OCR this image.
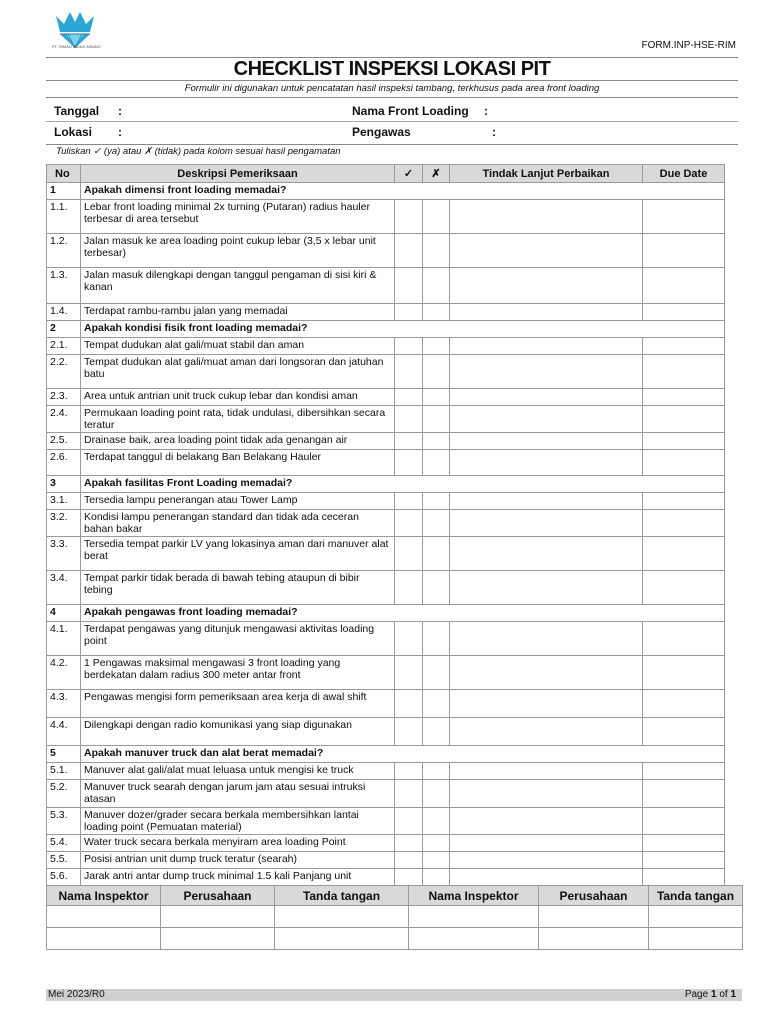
PT. RIMAU INDAH MINING	FORM.INP-HSE-RIM
CHECKLIST INSPEKSI LOKASI PIT
Formulir ini digunakan untuk pencatatan hasil inspeksi tambang, terkhusus pada area front loading
Tanggal :	Nama Front Loading :
Lokasi :	Pengawas	:
Tuliskan ✓ (ya) atau ✗ (tidak) pada kolom sesuai hasil pengamatan
No	Deskripsi Pemeriksaan	✓	✗	Tindak Lanjut Perbaikan	Due Date
1	Apakah dimensi front loading memadai?				
1.1.	Lebar front loading minimal 2x turning (Putaran) radius hauler terbesar di area tersebut				
1.2.	Jalan masuk ke area loading point cukup lebar (3,5 x lebar unit terbesar)				
1.3.	Jalan masuk dilengkapi dengan tanggul pengaman di sisi kiri & kanan				
1.4.	Terdapat rambu-rambu jalan yang memadai				
2	Apakah kondisi fisik front loading memadai?				
2.1.	Tempat dudukan alat gali/muat stabil dan aman				
2.2.	Tempat dudukan alat gali/muat aman dari longsoran dan jatuhan batu				
2.3.	Area untuk antrian unit truck cukup lebar dan kondisi aman				
2.4.	Permukaan loading point rata, tidak undulasi, dibersihkan secara teratur				
2.5.	Drainase baik, area loading point tidak ada genangan air				
2.6.	Terdapat tanggul di belakang Ban Belakang Hauler				
3	Apakah fasilitas Front Loading memadai?				
3.1.	Tersedia lampu penerangan atau Tower Lamp				
3.2.	Kondisi lampu penerangan standard dan tidak ada ceceran bahan bakar				
3.3.	Tersedia tempat parkir LV yang lokasinya aman dari manuver alat berat				
3.4.	Tempat parkir tidak berada di bawah tebing ataupun di bibir tebing				
4	Apakah pengawas front loading memadai?				
4.1.	Terdapat pengawas yang ditunjuk mengawasi aktivitas loading point				
4.2.	1 Pengawas maksimal mengawasi 3 front loading yang berdekatan dalam radius 300 meter antar front				
4.3.	Pengawas mengisi form pemeriksaan area kerja di awal shift				
4.4.	Dilengkapi dengan radio komunikasi yang siap digunakan				
5	Apakah manuver truck dan alat berat memadai?				
5.1.	Manuver alat gali/alat muat leluasa untuk mengisi ke truck				
5.2.	Manuver truck searah dengan jarum jam atau sesuai intruksi atasan				
5.3.	Manuver dozer/grader secara berkala membersihkan lantai loading point (Pemuatan material)				
5.4.	Water truck secara berkala menyiram area loading Point				
5.5.	Posisi antrian unit dump truck teratur (searah)				
5.6.	Jarak antri antar dump truck minimal 1.5 kali Panjang unit				
Nama Inspektor	Perusahaan	Tanda tangan	Nama Inspektor	Perusahaan	Tanda tangan

Mei 2023/R0	Page 1 of 1
